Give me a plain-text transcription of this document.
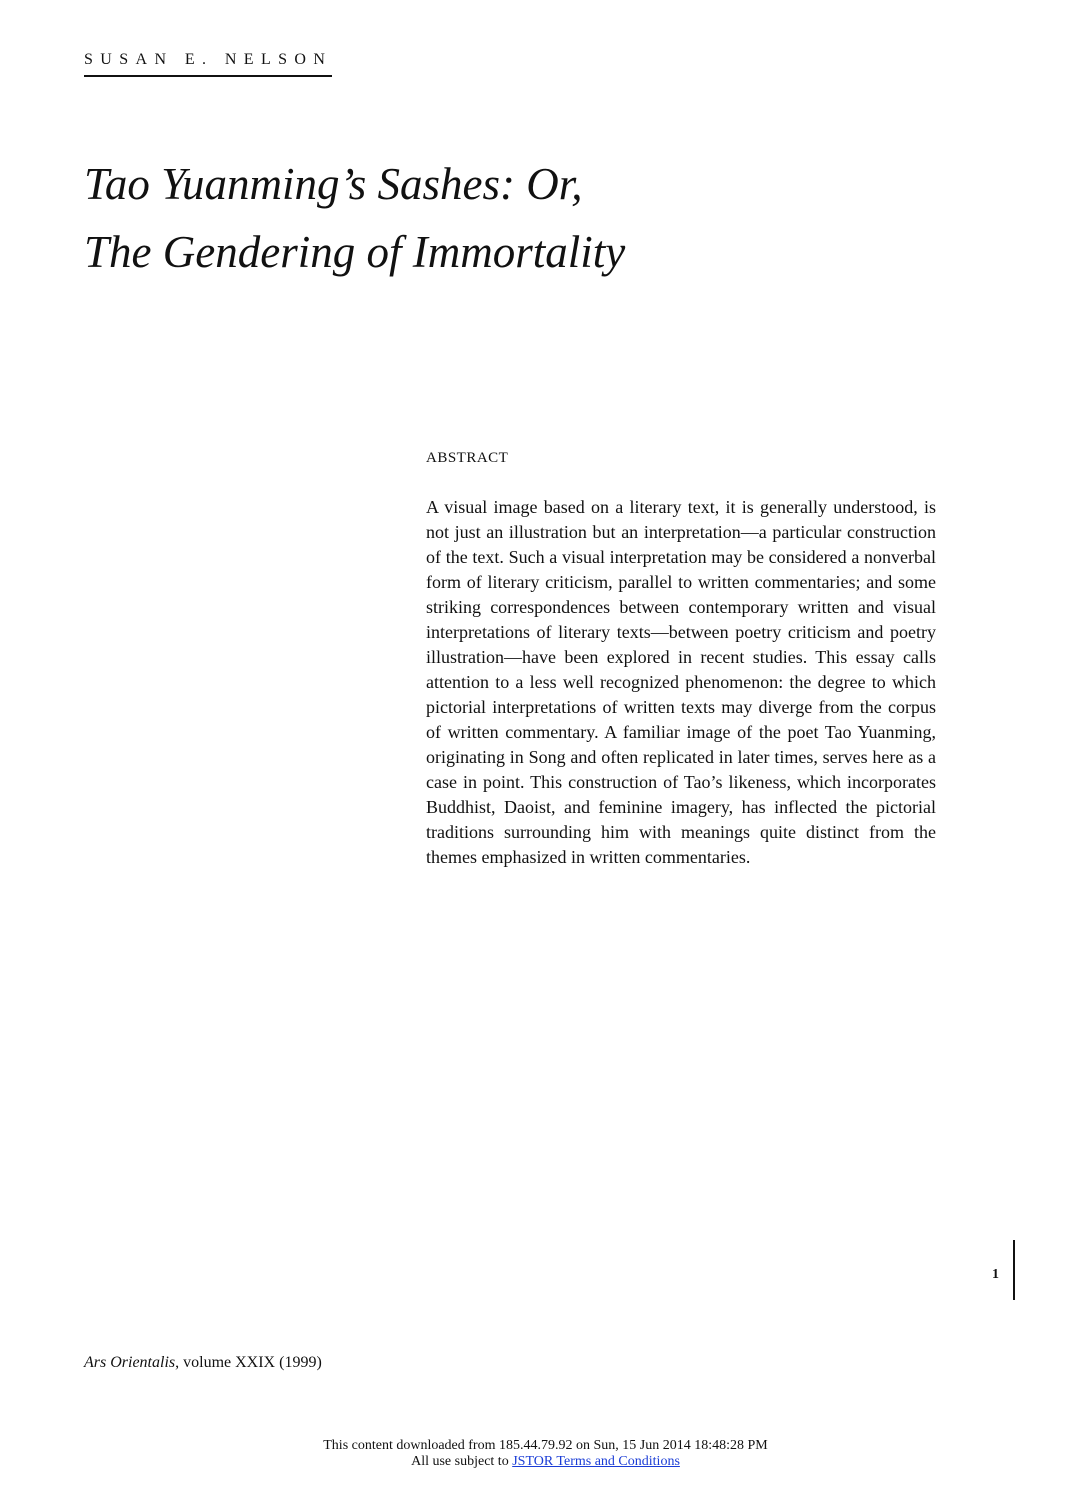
SUSAN E. NELSON
Tao Yuanming’s Sashes: Or,
The Gendering of Immortality
ABSTRACT

A visual image based on a literary text, it is generally understood, is not just an illustration but an interpretation—a particular construction of the text. Such a visual interpretation may be considered a nonverbal form of literary criticism, parallel to written commentaries; and some striking correspondences between contemporary written and visual interpretations of literary texts—between poetry criticism and poetry illustration—have been explored in recent studies. This essay calls attention to a less well recognized phenomenon: the degree to which pictorial interpretations of written texts may diverge from the corpus of written commentary. A familiar image of the poet Tao Yuanming, originating in Song and often replicated in later times, serves here as a case in point. This construction of Tao’s likeness, which incorporates Buddhist, Daoist, and feminine imagery, has inflected the pictorial traditions surrounding him with meanings quite distinct from the themes emphasized in written commentaries.

1
Ars Orientalis, volume XXIX (1999)
This content downloaded from 185.44.79.92 on Sun, 15 Jun 2014 18:48:28 PM
All use subject to JSTOR Terms and Conditions
